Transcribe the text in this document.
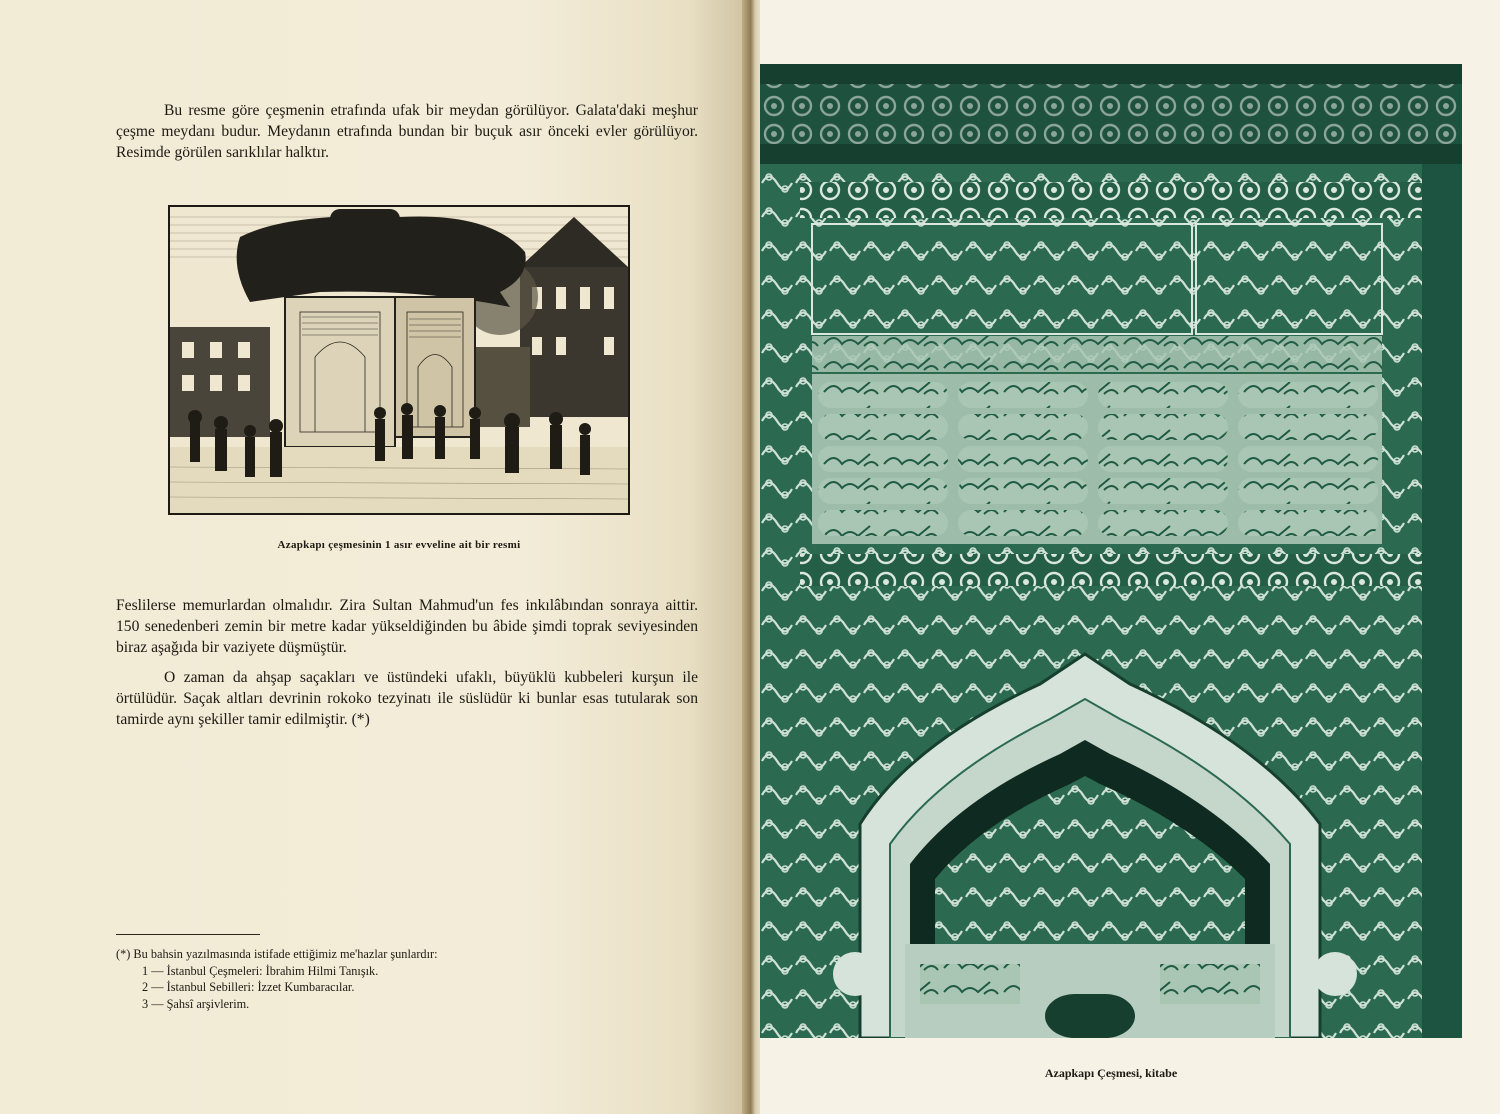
Bu resme göre çeşmenin etrafında ufak bir meydan görülüyor. Galata'daki meşhur çeşme meydanı budur. Meydanın etrafında bundan bir buçuk asır önceki evler görülüyor. Resimde görülen sarıklılar halktır.

Azapkapı çeşmesinin 1 asır evveline ait bir resmi

Feslilerse memurlardan olmalıdır. Zira Sultan Mahmud'un fes inkılâbından sonraya aittir. 150 senedenberi zemin bir metre kadar yükseldiğinden bu âbide şimdi toprak seviyesinden biraz aşağıda bir vaziyete düşmüştür.

O zaman da ahşap saçakları ve üstündeki ufaklı, büyüklü kubbeleri kurşun ile örtülüdür. Saçak altları devrinin rokoko tezyinatı ile süslüdür ki bunlar esas tutularak son tamirde aynı şekiller tamir edilmiştir. (*)

(*) Bu bahsin yazılmasında istifade ettiğimiz me'hazlar şunlardır:
1 — İstanbul Çeşmeleri: İbrahim Hilmi Tanışık.
2 — İstanbul Sebilleri: İzzet Kumbaracılar.
3 — Şahsî arşivlerim.
Azapkapı Çeşmesi, kitabe
